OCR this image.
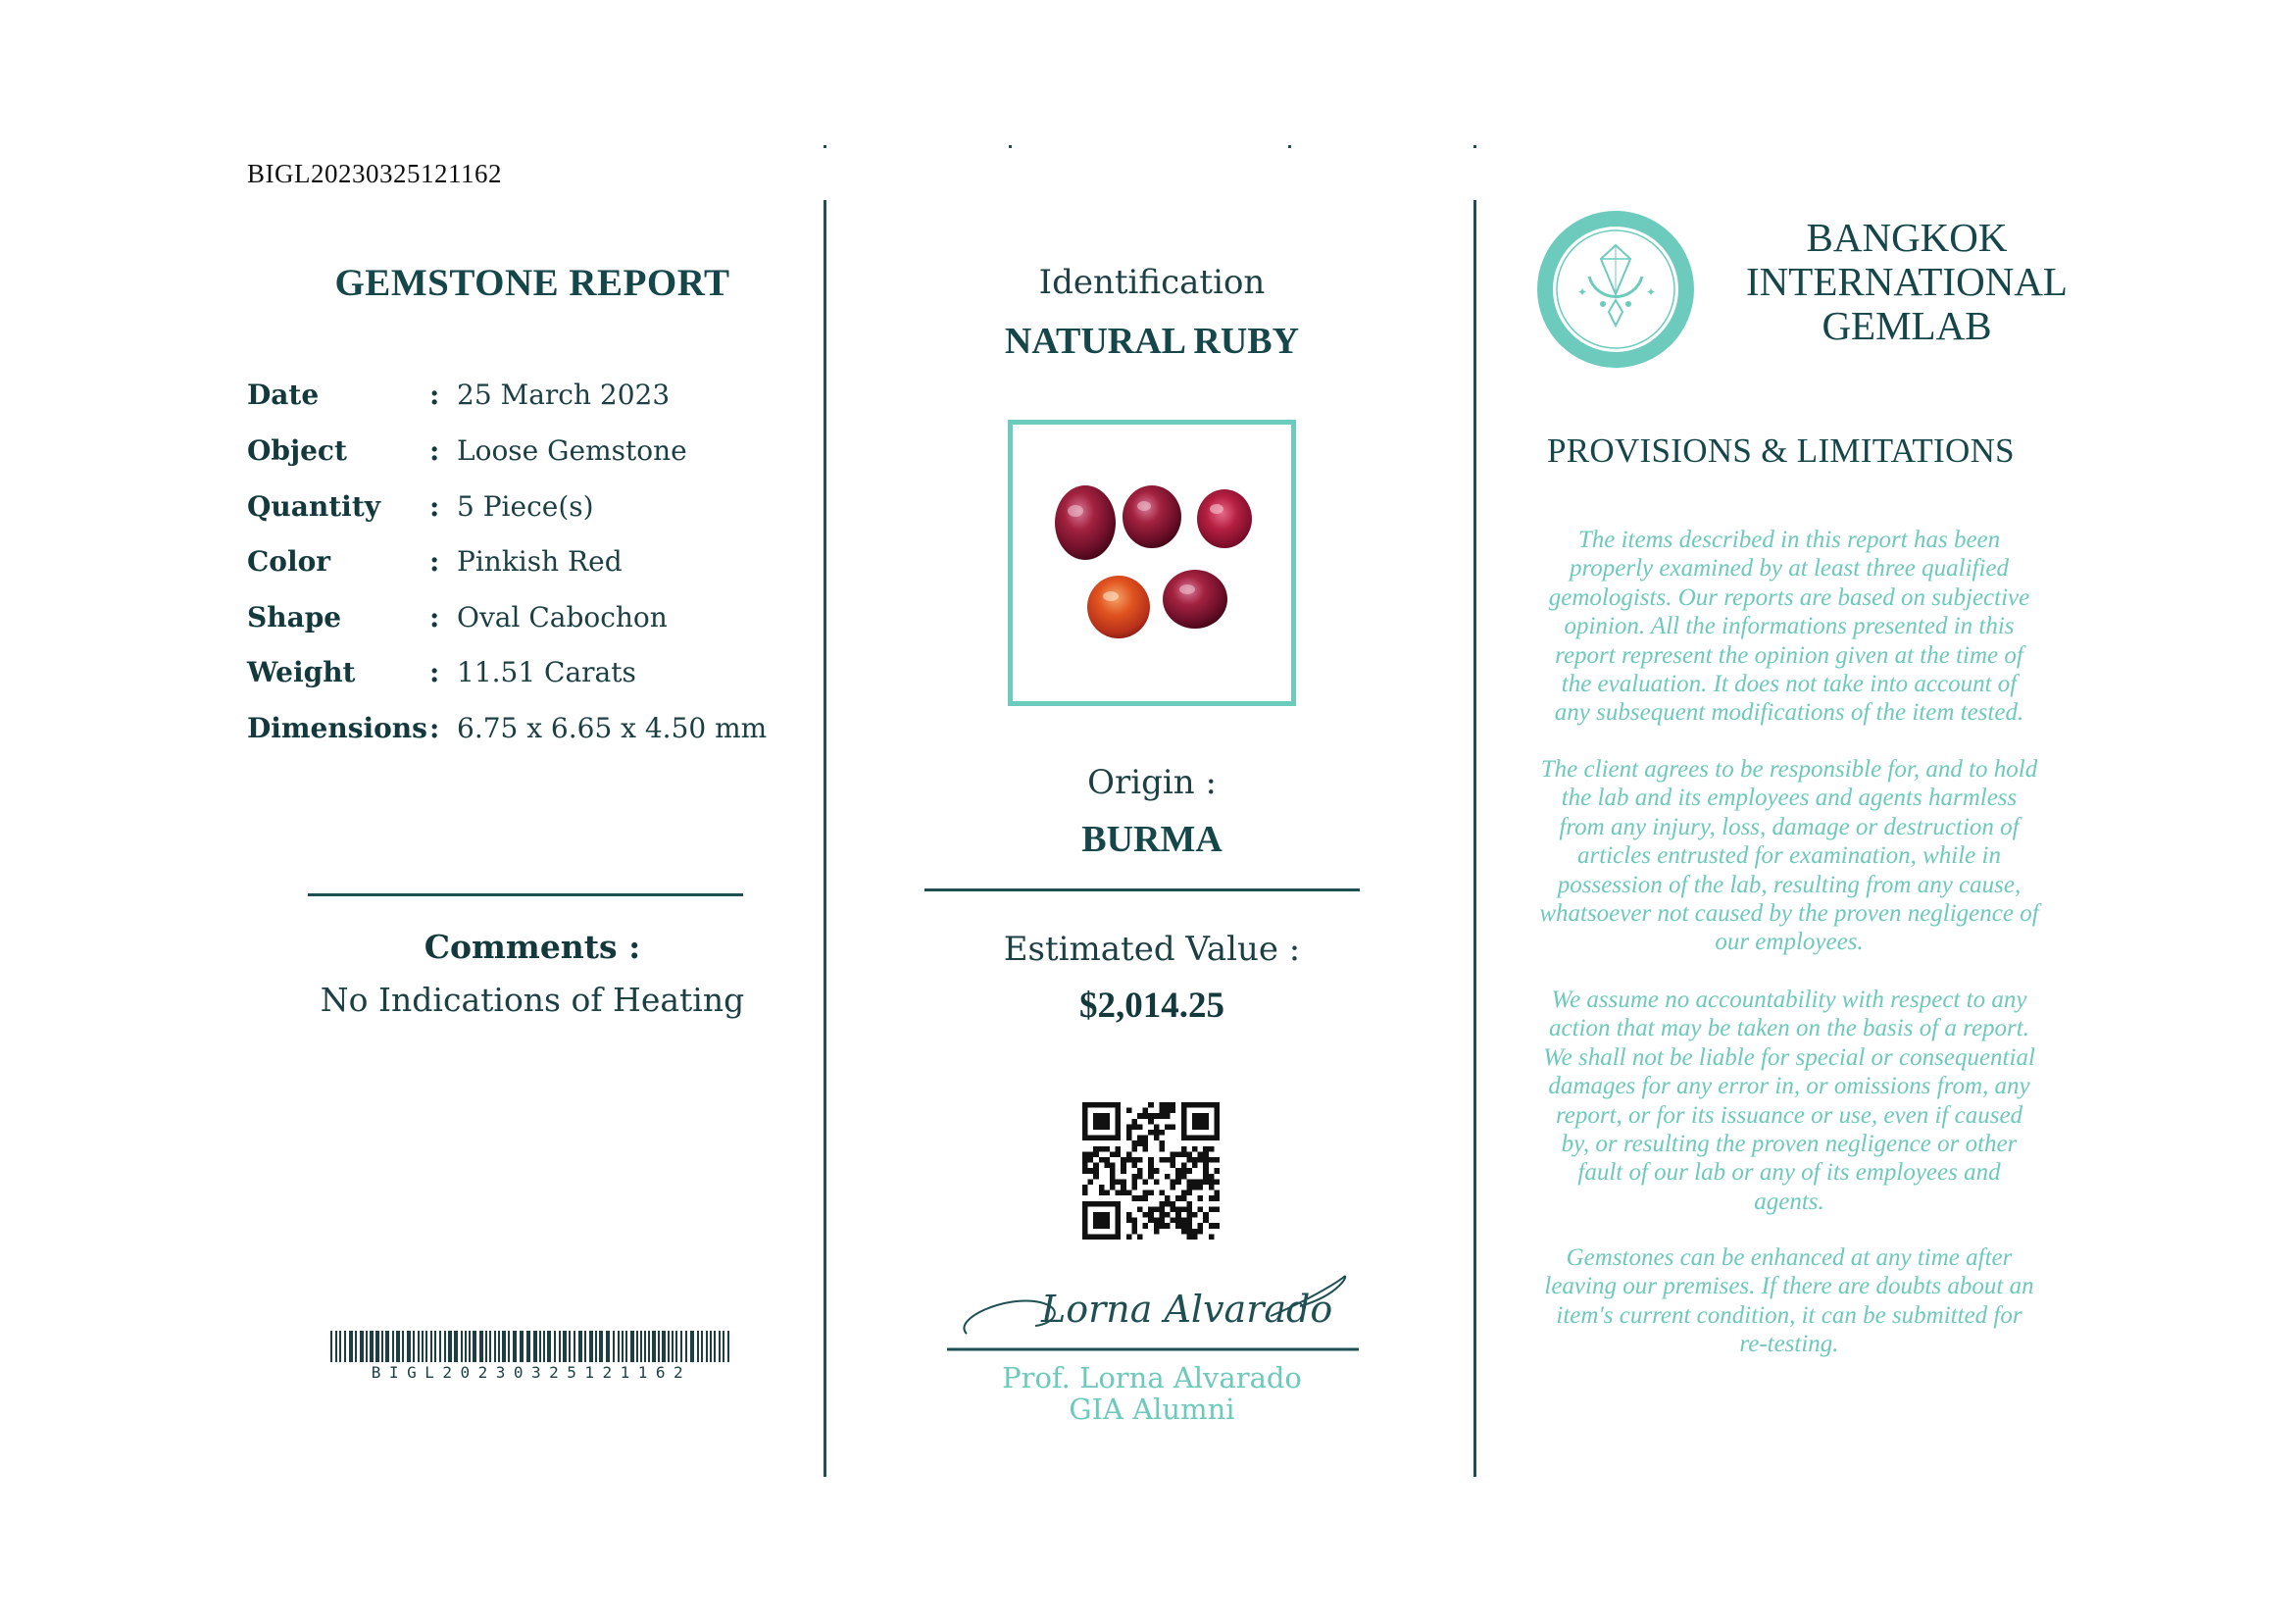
BIGL20230325121162
GEMSTONE REPORT
Date	: 25 March 2023
Object	: Loose Gemstone
Quantity : 5 Piece(s)
Color	: Pinkish Red
Shape	: Oval Cabochon
Weight	: 11.51 Carats
Dimensions : 6.75 x 6.65 x 4.50 mm
Comments :
No Indications of Heating
BIGL20230325121162
Identification
NATURAL RUBY
Origin :
BURMA
Estimated Value :
$2,014.25
Lorna Alvarado
Prof. Lorna Alvarado
GIA Alumni
✦	✦
BANGKOK
INTERNATIONAL
GEMLAB
PROVISIONS & LIMITATIONS
The items described in this report has been
properly examined by at least three qualified
gemologists. Our reports are based on subjective
opinion. All the informations presented in this
report represent the opinion given at the time of
the evaluation. It does not take into account of
any subsequent modifications of the item tested.
The client agrees to be responsible for, and to hold
the lab and its employees and agents harmless
from any injury, loss, damage or destruction of
articles entrusted for examination, while in
possession of the lab, resulting from any cause,
whatsoever not caused by the proven negligence of
our employees.
We assume no accountability with respect to any
action that may be taken on the basis of a report.
We shall not be liable for special or consequential
damages for any error in, or omissions from, any
report, or for its issuance or use, even if caused
by, or resulting the proven negligence or other
fault of our lab or any of its employees and
agents.
Gemstones can be enhanced at any time after
leaving our premises. If there are doubts about an
item's current condition, it can be submitted for
re-testing.
